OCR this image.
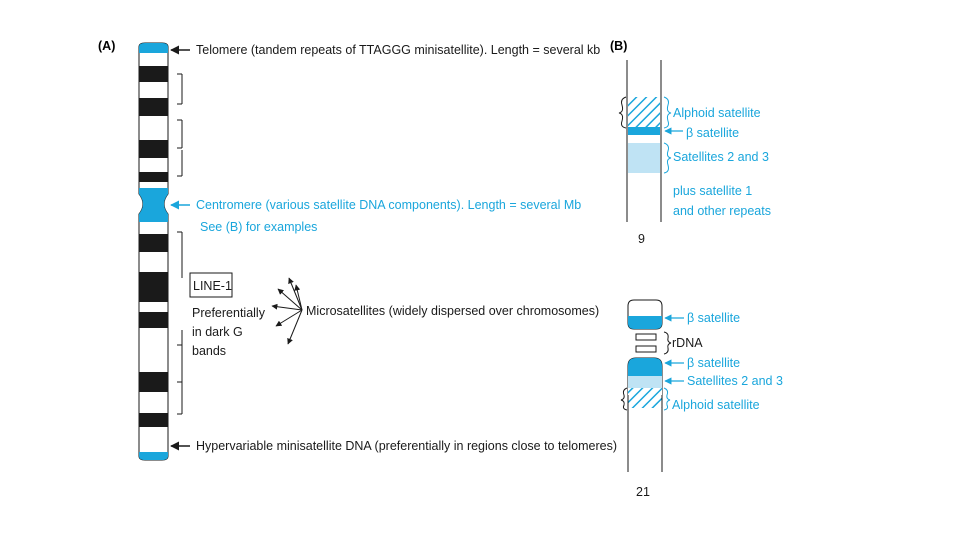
(A)	Telomere (tandem repeats of TTAGGG minisatellite). Length = several kb
Centromere (various satellite DNA components). Length = several Mb
See (B) for examples
LINE-1
Preferentially
in dark G
bands
Microsatellites (widely dispersed over chromosomes)
Hypervariable minisatellite DNA (preferentially in regions close to telomeres)
(B)
Alphoid satellite
β satellite
Satellites 2 and 3
plus satellite 1
and other repeats
9
β satellite
rDNA
β satellite
Satellites 2 and 3
Alphoid satellite
21
